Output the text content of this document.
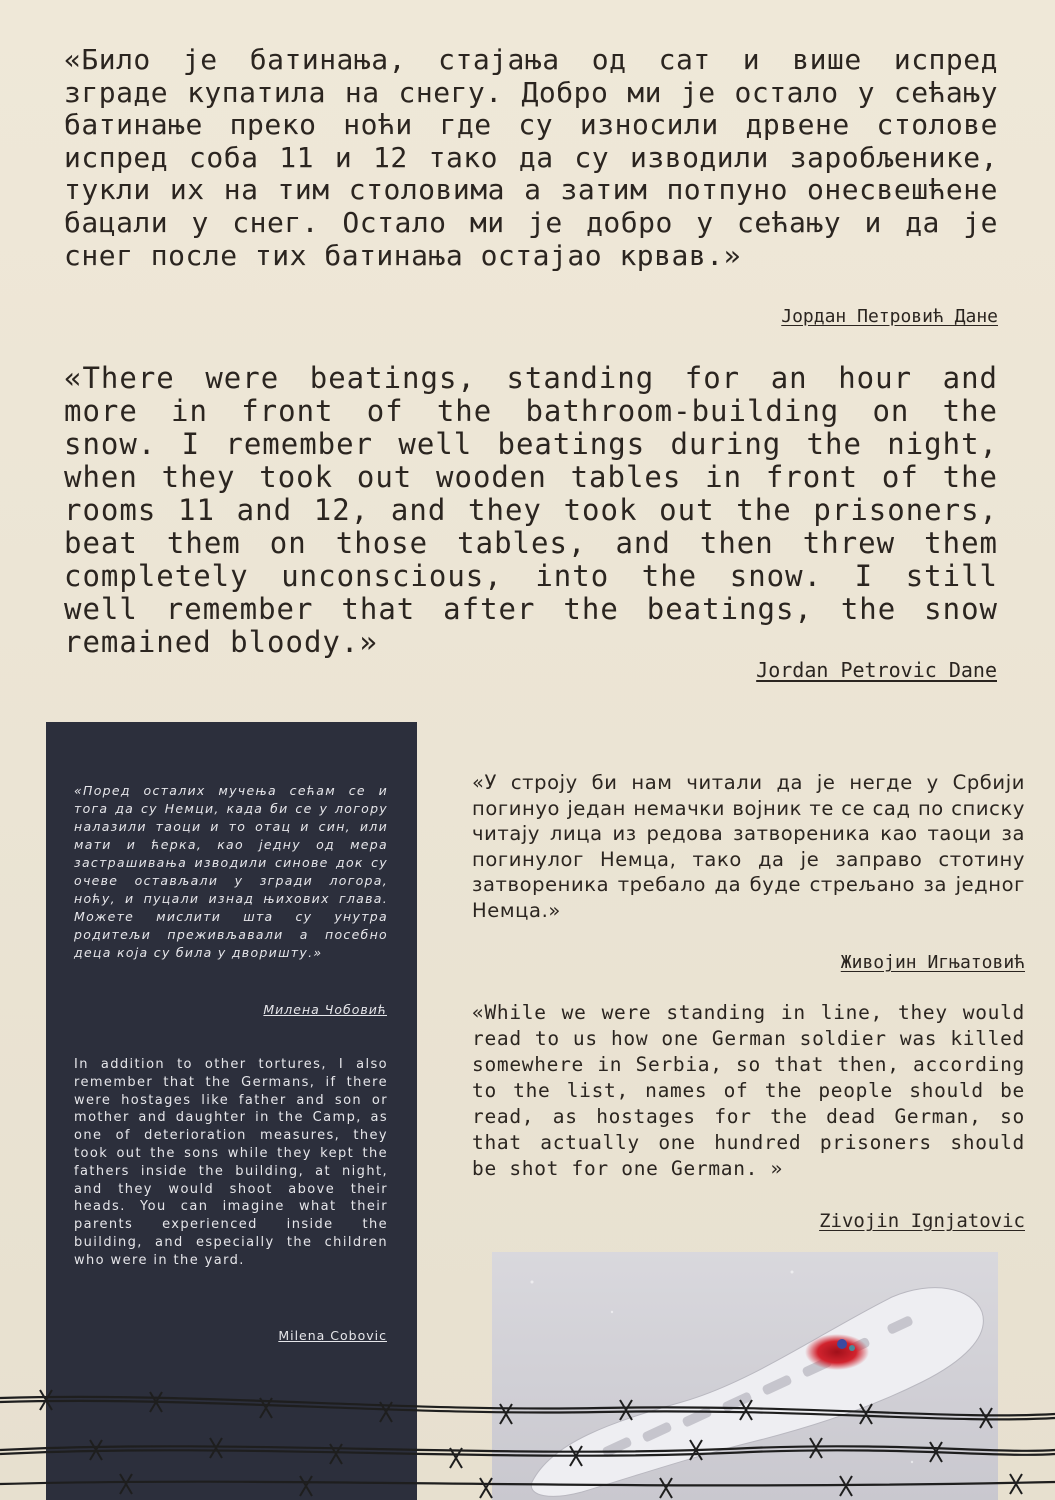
«Било је батинања, стајања од сат и више испред зграде купатила на снегу. Добро ми је остало у сећању батинање преко ноћи где су износили дрвене столове испред соба 11 и 12 тако да су изводили заробљенике, тукли их на тим столовима а затим потпуно онесвешћене бацали у снег. Остало ми је добро у сећању и да је снег после тих батинања остајао крвав.»

Јордан Петровић Дане

«There were beatings, standing for an hour and more in front of the bathroom-building on the snow. I remember well beatings during the night, when they took out wooden tables in front of the rooms 11 and 12, and they took out the prisoners, beat them on those tables, and then threw them completely unconscious, into the snow. I still well remember that after the beatings, the snow remained bloody.»

Jordan Petrovic Dane

«Поред осталих мучења сећам се и тога да су Немци, када би се у логору налазили таоци и то отац и син, или мати и ћерка, као једну од мера застрашивања изводили синове док су очеве остављали у згради логора, ноћу, и пуцали изнад њихових глава. Можете мислити шта су унутра родитељи преживљавали а посебно деца која су била у дворишту.»

Милена Чобовић

In addition to other tortures, I also remember that the Germans, if there were hostages like father and son or mother and daughter in the Camp, as one of deterioration measures, they took out the sons while they kept the fathers inside the building, at night, and they would shoot above their heads. You can imagine what their parents experienced inside the building, and especially the children who were in the yard.

Milena Cobovic

«У строју би нам читали да је негде у Србији погинуо један немачки војник те се сад по списку читају лица из редова затвореника као таоци за погинулог Немца, тако да је заправо стотину затвореника требало да буде стрељано за једног Немца.»

Живојин Игњатовић

«While we were standing in line, they would read to us how one German soldier was killed somewhere in Serbia, so that then, according to the list, names of the people should be read, as hostages for the dead German, so that actually one hundred prisoners should be shot for one German. »

Zivojin Ignjatovic
